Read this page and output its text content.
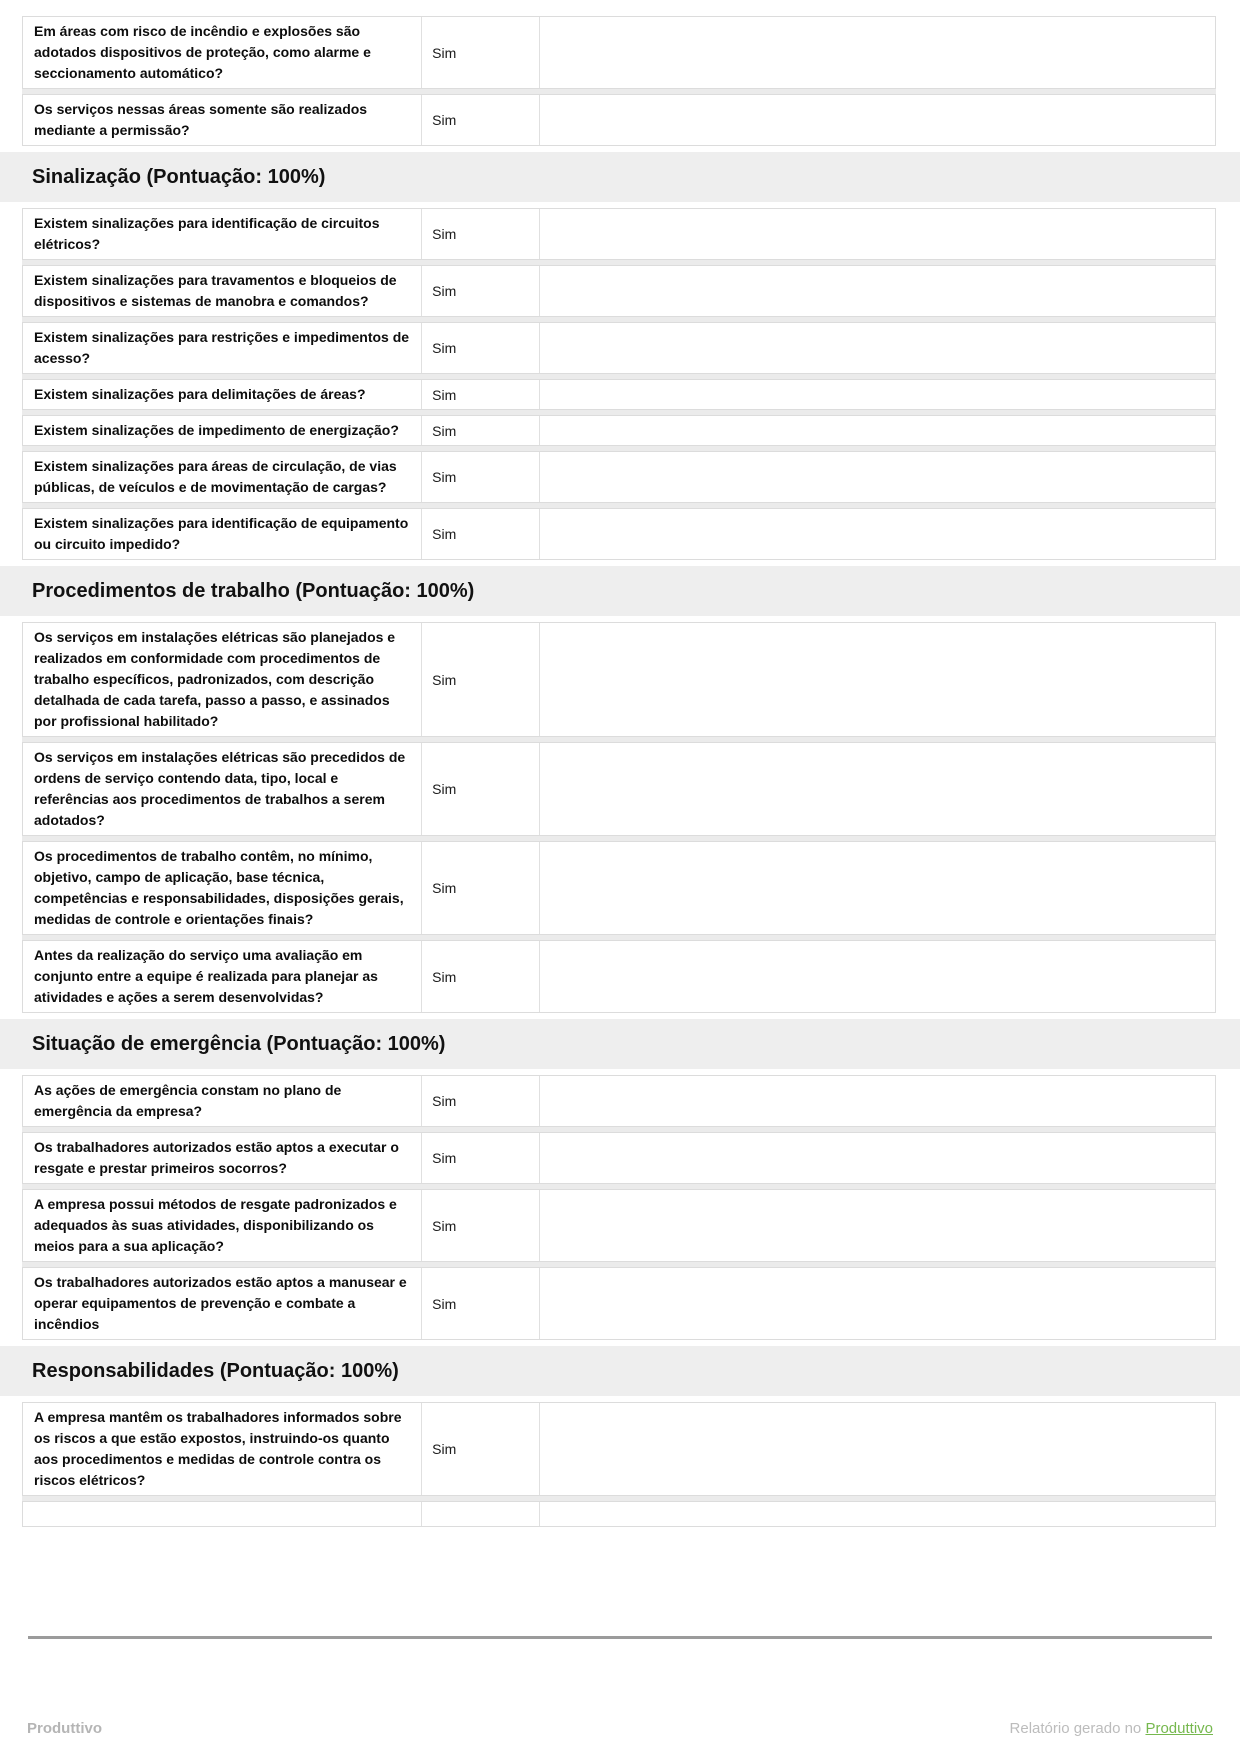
Em áreas com risco de incêndio e explosões são adotados dispositivos de proteção, como alarme e seccionamento automático?
Sim
Os serviços nessas áreas somente são realizados mediante a permissão?
Sim
Sinalização (Pontuação: 100%)
Existem sinalizações para identificação de circuitos elétricos?
Sim
Existem sinalizações para travamentos e bloqueios de dispositivos e sistemas de manobra e comandos?
Sim
Existem sinalizações para restrições e impedimentos de acesso?
Sim
Existem sinalizações para delimitações de áreas?	Sim
Existem sinalizações de impedimento de energização?	Sim
Existem sinalizações para áreas de circulação, de vias públicas, de veículos e de movimentação de cargas?
Sim
Existem sinalizações para identificação de equipamento ou circuito impedido?
Sim
Procedimentos de trabalho (Pontuação: 100%)
Os serviços em instalações elétricas são planejados e realizados em conformidade com procedimentos de trabalho específicos, padronizados, com descrição detalhada de cada tarefa, passo a passo, e assinados por profissional habilitado?
Sim
Os serviços em instalações elétricas são precedidos de ordens de serviço contendo data, tipo, local e referências aos procedimentos de trabalhos a serem adotados?
Sim
Os procedimentos de trabalho contêm, no mínimo, objetivo, campo de aplicação, base técnica, competências e responsabilidades, disposições gerais, medidas de controle e orientações finais?
Sim
Antes da realização do serviço uma avaliação em conjunto entre a equipe é realizada para planejar as atividades e ações a serem desenvolvidas?
Sim
Situação de emergência (Pontuação: 100%)
As ações de emergência constam no plano de emergência da empresa?
Sim
Os trabalhadores autorizados estão aptos a executar o resgate e prestar primeiros socorros?
Sim
A empresa possui métodos de resgate padronizados e adequados às suas atividades, disponibilizando os meios para a sua aplicação?
Sim
Os trabalhadores autorizados estão aptos a manusear e operar equipamentos de prevenção e combate a incêndios
Sim
Responsabilidades (Pontuação: 100%)
A empresa mantêm os trabalhadores informados sobre os riscos a que estão expostos, instruindo-os quanto aos procedimentos e medidas de controle contra os riscos elétricos?
Sim
Produttivo	Relatório gerado no Produttivo
